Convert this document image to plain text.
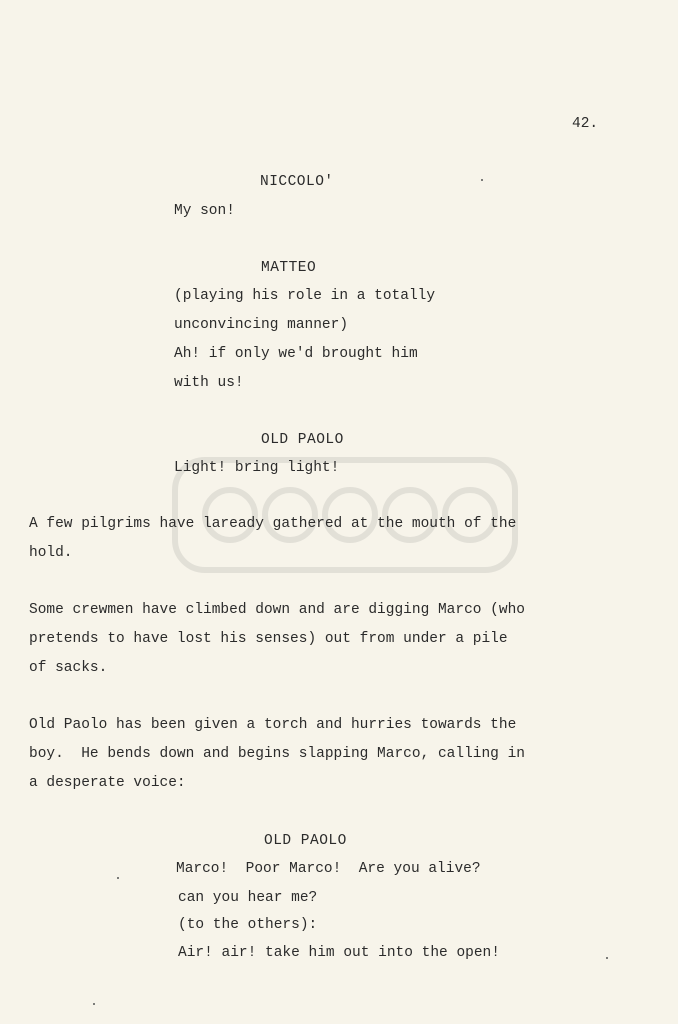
42.
NICCOLO'
My son!
MATTEO
(playing his role in a totally
unconvincing manner)
Ah! if only we'd brought him
with us!
OLD PAOLO
Light! bring light!
A few pilgrims have laready gathered at the mouth of the
hold.
Some crewmen have climbed down and are digging Marco (who
pretends to have lost his senses) out from under a pile
of sacks.
Old Paolo has been given a torch and hurries towards the
boy.  He bends down and begins slapping Marco, calling in
a desperate voice:
OLD PAOLO
Marco!  Poor Marco!  Are you alive?
can you hear me?
(to the others):
Air! air! take him out into the open!
